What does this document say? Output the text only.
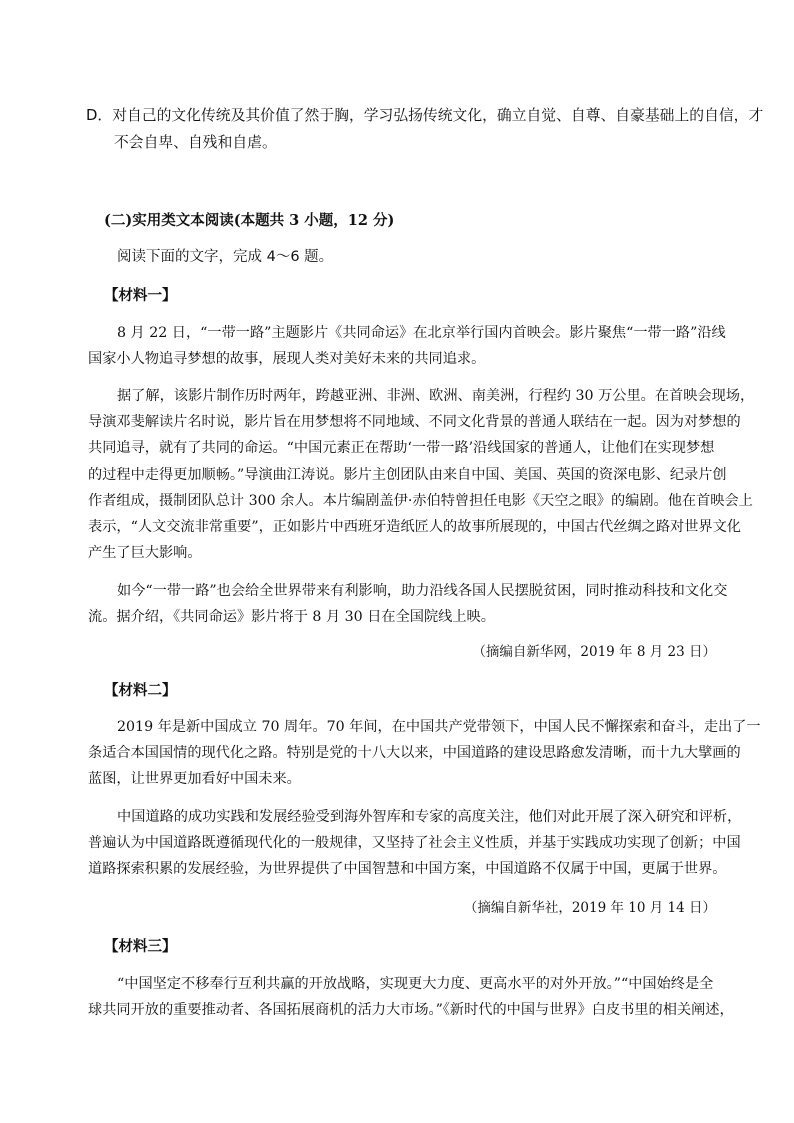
D．对自己的文化传统及其价值了然于胸，学习弘扬传统文化，确立自觉、自尊、自豪基础上的自信，才

不会自卑、自残和自虐。

(二)实用类文本阅读(本题共 3 小题，12 分)

阅读下面的文字，完成 4～6 题。

【材料一】

8 月 22 日，“一带一路”主题影片《共同命运》在北京举行国内首映会。影片聚焦“一带一路”沿线

国家小人物追寻梦想的故事，展现人类对美好未来的共同追求。

据了解，该影片制作历时两年，跨越亚洲、非洲、欧洲、南美洲，行程约 30 万公里。在首映会现场，

导演邓斐解读片名时说，影片旨在用梦想将不同地域、不同文化背景的普通人联结在一起。因为对梦想的

共同追寻，就有了共同的命运。“中国元素正在帮助‘一带一路’沿线国家的普通人，让他们在实现梦想

的过程中走得更加顺畅。”导演曲江涛说。影片主创团队由来自中国、美国、英国的资深电影、纪录片创

作者组成，摄制团队总计 300 余人。本片编剧盖伊·赤伯特曾担任电影《天空之眼》的编剧。他在首映会上

表示，“人文交流非常重要”，正如影片中西班牙造纸匠人的故事所展现的，中国古代丝绸之路对世界文化

产生了巨大影响。

如今“一带一路”也会给全世界带来有利影响，助力沿线各国人民摆脱贫困，同时推动科技和文化交

流。据介绍，《共同命运》影片将于 8 月 30 日在全国院线上映。

（摘编自新华网，2019 年 8 月 23 日）

【材料二】

2019 年是新中国成立 70 周年。70 年间，在中国共产党带领下，中国人民不懈探索和奋斗，走出了一

条适合本国国情的现代化之路。特别是党的十八大以来，中国道路的建设思路愈发清晰，而十九大擘画的

蓝图，让世界更加看好中国未来。

中国道路的成功实践和发展经验受到海外智库和专家的高度关注，他们对此开展了深入研究和评析，

普遍认为中国道路既遵循现代化的一般规律，又坚持了社会主义性质，并基于实践成功实现了创新；中国

道路探索积累的发展经验，为世界提供了中国智慧和中国方案，中国道路不仅属于中国，更属于世界。

（摘编自新华社，2019 年 10 月 14 日）

【材料三】

“中国坚定不移奉行互利共赢的开放战略，实现更大力度、更高水平的对外开放。”“中国始终是全

球共同开放的重要推动者、各国拓展商机的活力大市场。”《新时代的中国与世界》白皮书里的相关阐述，
